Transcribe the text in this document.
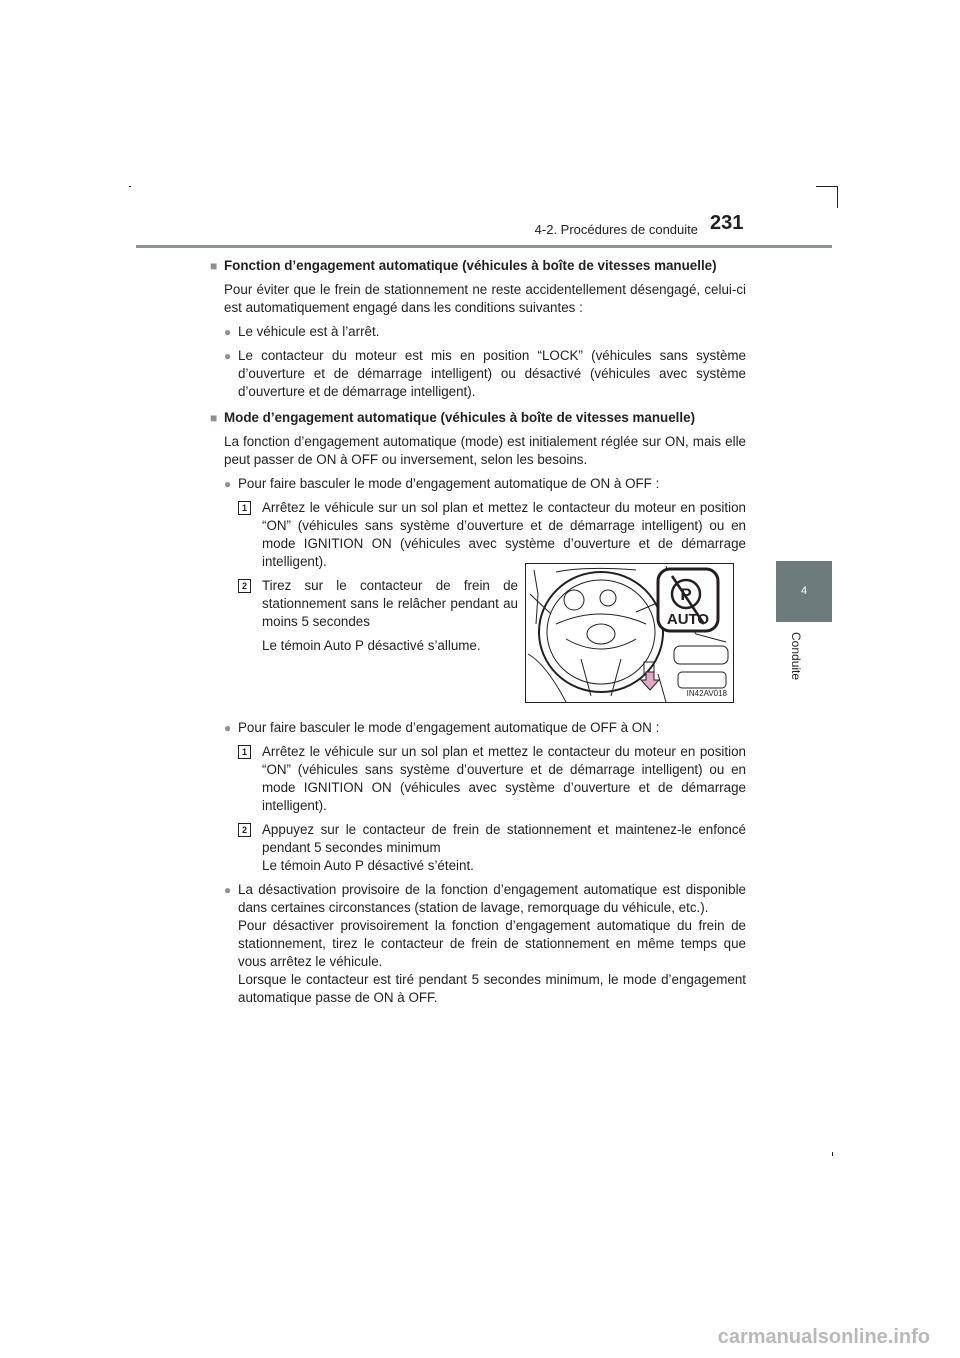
4-2. Procédures de conduite 231
4
Conduite
■ Fonction d’engagement automatique (véhicules à boîte de vitesses manuelle)
Pour éviter que le frein de stationnement ne reste accidentellement désengagé, celui-ci est automatiquement engagé dans les conditions suivantes :
● Le véhicule est à l’arrêt.
● Le contacteur du moteur est mis en position “LOCK” (véhicules sans système d’ouverture et de démarrage intelligent) ou désactivé (véhicules avec système d’ouverture et de démarrage intelligent).
■ Mode d’engagement automatique (véhicules à boîte de vitesses manuelle)
La fonction d’engagement automatique (mode) est initialement réglée sur ON, mais elle peut passer de ON à OFF ou inversement, selon les besoins.
● Pour faire basculer le mode d’engagement automatique de ON à OFF :
1 Arrêtez le véhicule sur un sol plan et mettez le contacteur du moteur en position “ON” (véhicules sans système d’ouverture et de démarrage intelligent) ou en mode IGNITION ON (véhicules avec système d’ouverture et de démarrage intelligent).
2 Tirez sur le contacteur de frein de stationnement sans le relâcher pendant au moins 5 secondes
Le témoin Auto P désactivé s’allume.
● Pour faire basculer le mode d’engagement automatique de OFF à ON :
1 Arrêtez le véhicule sur un sol plan et mettez le contacteur du moteur en position “ON” (véhicules sans système d’ouverture et de démarrage intelligent) ou en mode IGNITION ON (véhicules avec système d’ouverture et de démarrage intelligent).
2 Appuyez sur le contacteur de frein de stationnement et maintenez-le enfoncé pendant 5 secondes minimum
Le témoin Auto P désactivé s’éteint.
● La désactivation provisoire de la fonction d’engagement automatique est disponible dans certaines circonstances (station de lavage, remorquage du véhicule, etc.).
Pour désactiver provisoirement la fonction d’engagement automatique du frein de stationnement, tirez le contacteur de frein de stationnement en même temps que vous arrêtez le véhicule.
Lorsque le contacteur est tiré pendant 5 secondes minimum, le mode d’engagement automatique passe de ON à OFF.
P
AUTO
IN42AV018
carmanualsonline.info
